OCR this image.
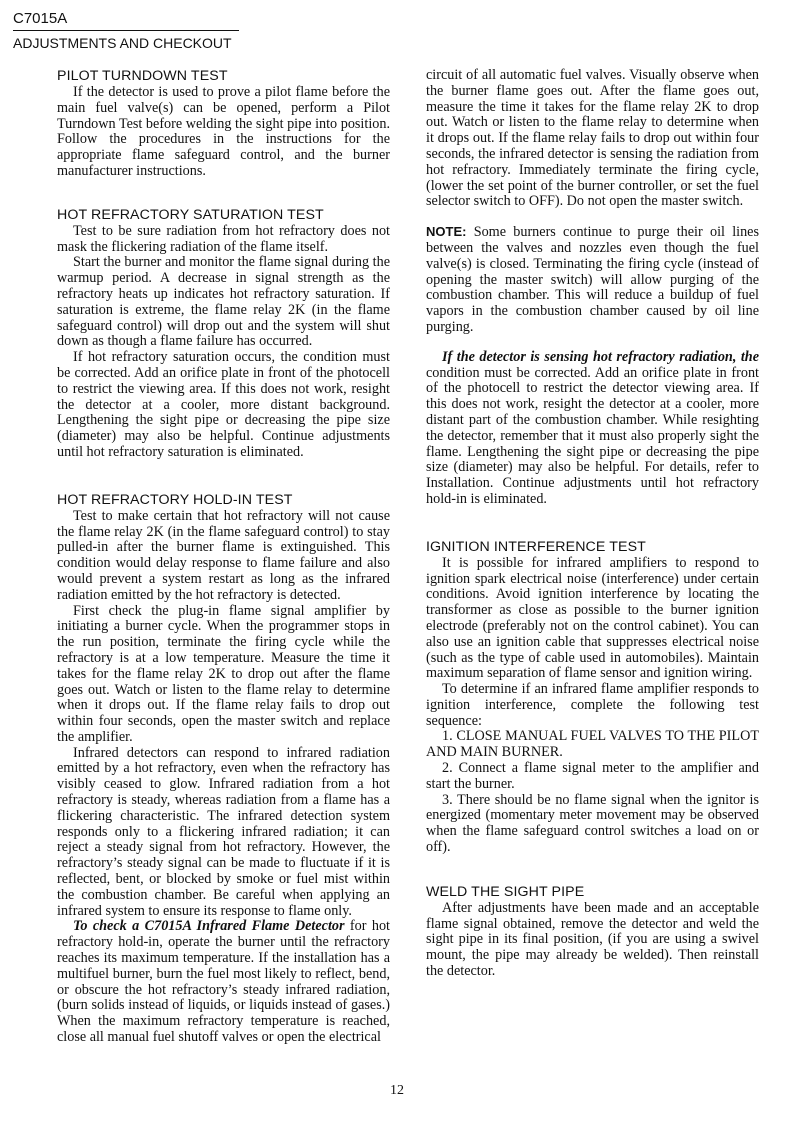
C7015A
ADJUSTMENTS AND CHECKOUT
PILOT TURNDOWN TEST

If the detector is used to prove a pilot flame before the main fuel valve(s) can be opened, perform a Pilot Turndown Test before welding the sight pipe into position. Follow the procedures in the instructions for the appropriate flame safeguard control, and the burner manufacturer instructions.

HOT REFRACTORY SATURATION TEST

Test to be sure radiation from hot refractory does not mask the flickering radiation of the flame itself.

Start the burner and monitor the flame signal during the warmup period. A decrease in signal strength as the refractory heats up indicates hot refractory saturation. If saturation is extreme, the flame relay 2K (in the flame safeguard control) will drop out and the system will shut down as though a flame failure has occurred.

If hot refractory saturation occurs, the condition must be corrected. Add an orifice plate in front of the photocell to restrict the viewing area. If this does not work, resight the detector at a cooler, more distant background. Lengthening the sight pipe or decreasing the pipe size (diameter) may also be helpful. Continue adjustments until hot refractory saturation is eliminated.

HOT REFRACTORY HOLD-IN TEST

Test to make certain that hot refractory will not cause the flame relay 2K (in the flame safeguard control) to stay pulled-in after the burner flame is extinguished. This condition would delay response to flame failure and also would prevent a system restart as long as the infrared radiation emitted by the hot refractory is detected.

First check the plug-in flame signal amplifier by initiating a burner cycle. When the programmer stops in the run position, terminate the firing cycle while the refractory is at a low temperature. Measure the time it takes for the flame relay 2K to drop out after the flame goes out. Watch or listen to the flame relay to determine when it drops out. If the flame relay fails to drop out within four seconds, open the master switch and replace the amplifier.

Infrared detectors can respond to infrared radiation emitted by a hot refractory, even when the refractory has visibly ceased to glow. Infrared radiation from a hot refractory is steady, whereas radiation from a flame has a flickering characteristic. The infrared detection system responds only to a flickering infrared radiation; it can reject a steady signal from hot refractory. However, the refractory’s steady signal can be made to fluctuate if it is reflected, bent, or blocked by smoke or fuel mist within the combustion chamber. Be careful when applying an infrared system to ensure its response to flame only.

To check a C7015A Infrared Flame Detector for hot refractory hold-in, operate the burner until the refractory reaches its maximum temperature. If the installation has a multifuel burner, burn the fuel most likely to reflect, bend, or obscure the hot refractory’s steady infrared radiation, (burn solids instead of liquids, or liquids instead of gases.) When the maximum refractory temperature is reached, close all manual fuel shutoff valves or open the electrical

circuit of all automatic fuel valves. Visually observe when the burner flame goes out. After the flame goes out, measure the time it takes for the flame relay 2K to drop out. Watch or listen to the flame relay to determine when it drops out. If the flame relay fails to drop out within four seconds, the infrared detector is sensing the radiation from hot refractory. Immediately terminate the firing cycle, (lower the set point of the burner controller, or set the fuel selector switch to OFF). Do not open the master switch.

NOTE: Some burners continue to purge their oil lines between the valves and nozzles even though the fuel valve(s) is closed. Terminating the firing cycle (instead of opening the master switch) will allow purging of the combustion chamber. This will reduce a buildup of fuel vapors in the combustion chamber caused by oil line purging.

If the detector is sensing hot refractory radiation, the condition must be corrected. Add an orifice plate in front of the photocell to restrict the detector viewing area. If this does not work, resight the detector at a cooler, more distant part of the combustion chamber. While resighting the detector, remember that it must also properly sight the flame. Lengthening the sight pipe or decreasing the pipe size (diameter) may also be helpful. For details, refer to Installation. Continue adjustments until hot refractory hold-in is eliminated.

IGNITION INTERFERENCE TEST

It is possible for infrared amplifiers to respond to ignition spark electrical noise (interference) under certain conditions. Avoid ignition interference by locating the transformer as close as possible to the burner ignition electrode (preferably not on the control cabinet). You can also use an ignition cable that suppresses electrical noise (such as the type of cable used in automobiles). Maintain maximum separation of flame sensor and ignition wiring.

To determine if an infrared flame amplifier responds to ignition interference, complete the following test sequence:

1. CLOSE MANUAL FUEL VALVES TO THE PILOT AND MAIN BURNER.

2. Connect a flame signal meter to the amplifier and start the burner.

3. There should be no flame signal when the ignitor is energized (momentary meter movement may be observed when the flame safeguard control switches a load on or off).

WELD THE SIGHT PIPE

After adjustments have been made and an acceptable flame signal obtained, remove the detector and weld the sight pipe in its final position, (if you are using a swivel mount, the pipe may already be welded). Then reinstall the detector.

12
